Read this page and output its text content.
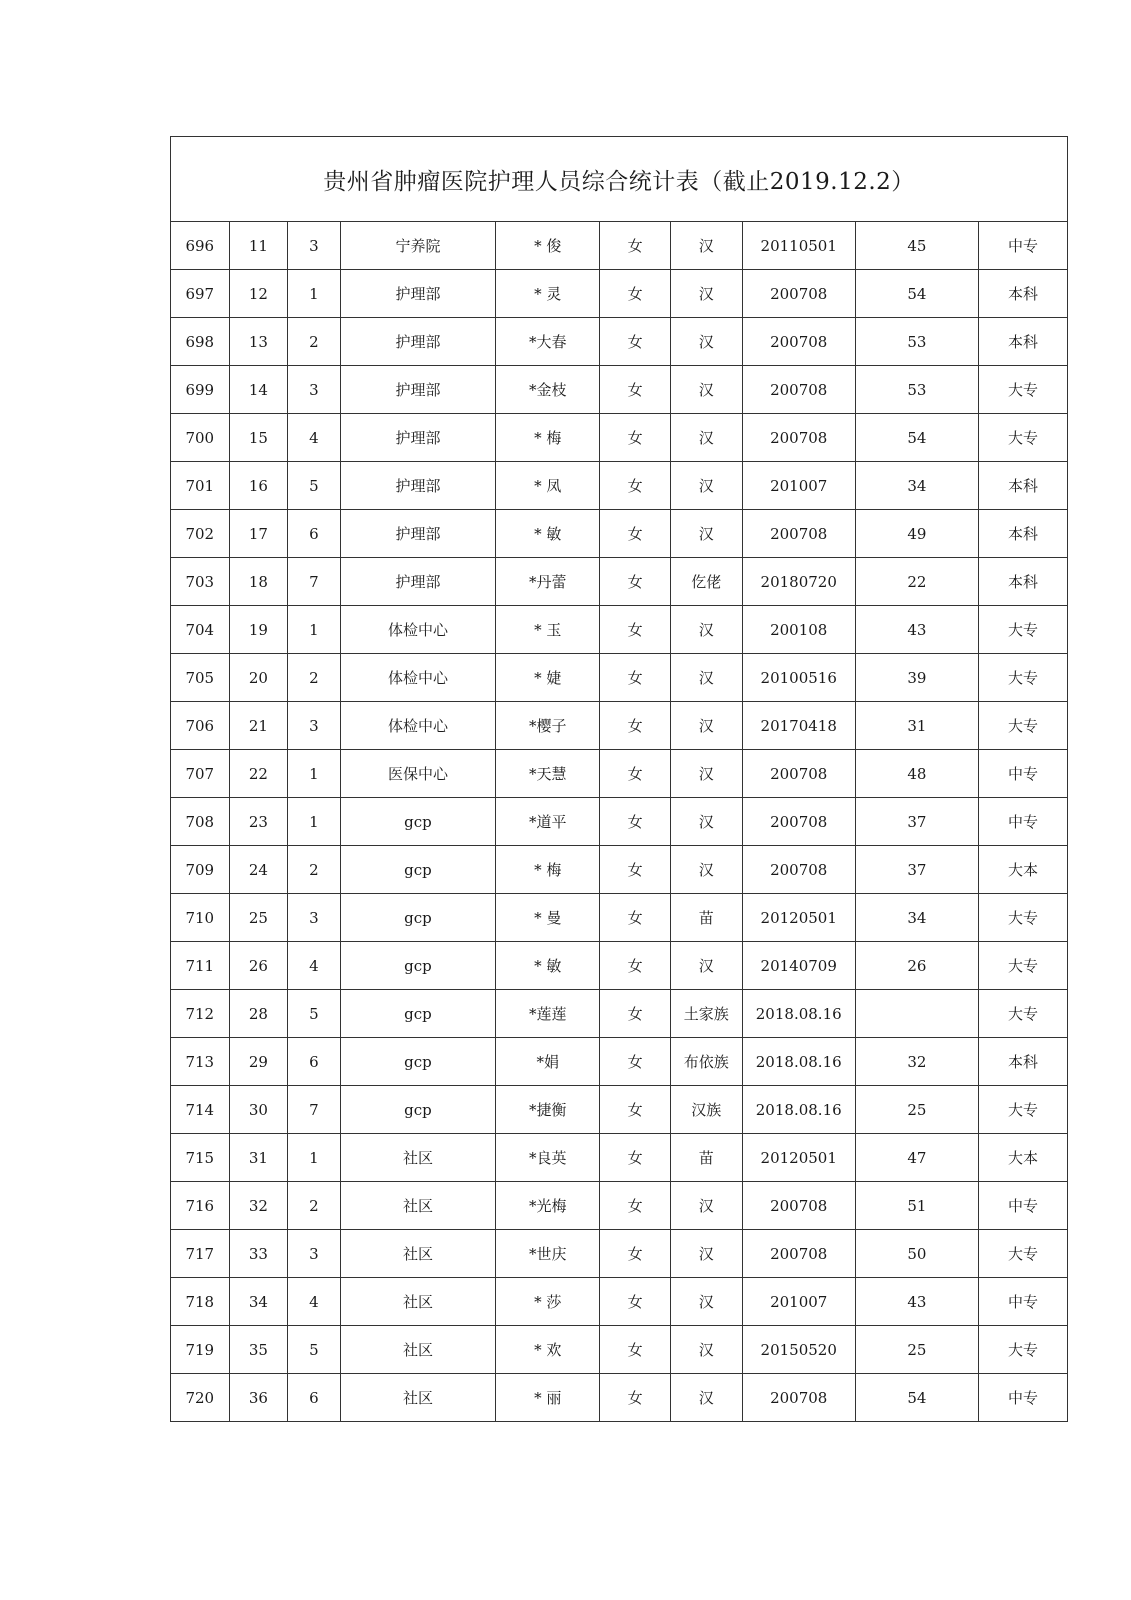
贵州省肿瘤医院护理人员综合统计表（截止2019.12.2）									
696	11	3	宁养院	* 俊	女	汉	20110501	45	中专
697	12	1	护理部	* 灵	女	汉	200708	54	本科
698	13	2	护理部	*大春	女	汉	200708	53	本科
699	14	3	护理部	*金枝	女	汉	200708	53	大专
700	15	4	护理部	* 梅	女	汉	200708	54	大专
701	16	5	护理部	* 凤	女	汉	201007	34	本科
702	17	6	护理部	* 敏	女	汉	200708	49	本科
703	18	7	护理部	*丹蕾	女	仡佬	20180720	22	本科
704	19	1	体检中心	* 玉	女	汉	200108	43	大专
705	20	2	体检中心	* 婕	女	汉	20100516	39	大专
706	21	3	体检中心	*樱子	女	汉	20170418	31	大专
707	22	1	医保中心	*天慧	女	汉	200708	48	中专
708	23	1	gcp	*道平	女	汉	200708	37	中专
709	24	2	gcp	* 梅	女	汉	200708	37	大本
710	25	3	gcp	* 曼	女	苗	20120501	34	大专
711	26	4	gcp	* 敏	女	汉	20140709	26	大专
712	28	5	gcp	*莲莲	女	土家族	2018.08.16		大专
713	29	6	gcp	*娟	女	布依族	2018.08.16	32	本科
714	30	7	gcp	*捷衡	女	汉族	2018.08.16	25	大专
715	31	1	社区	*良英	女	苗	20120501	47	大本
716	32	2	社区	*光梅	女	汉	200708	51	中专
717	33	3	社区	*世庆	女	汉	200708	50	大专
718	34	4	社区	* 莎	女	汉	201007	43	中专
719	35	5	社区	* 欢	女	汉	20150520	25	大专
720	36	6	社区	* 丽	女	汉	200708	54	中专
